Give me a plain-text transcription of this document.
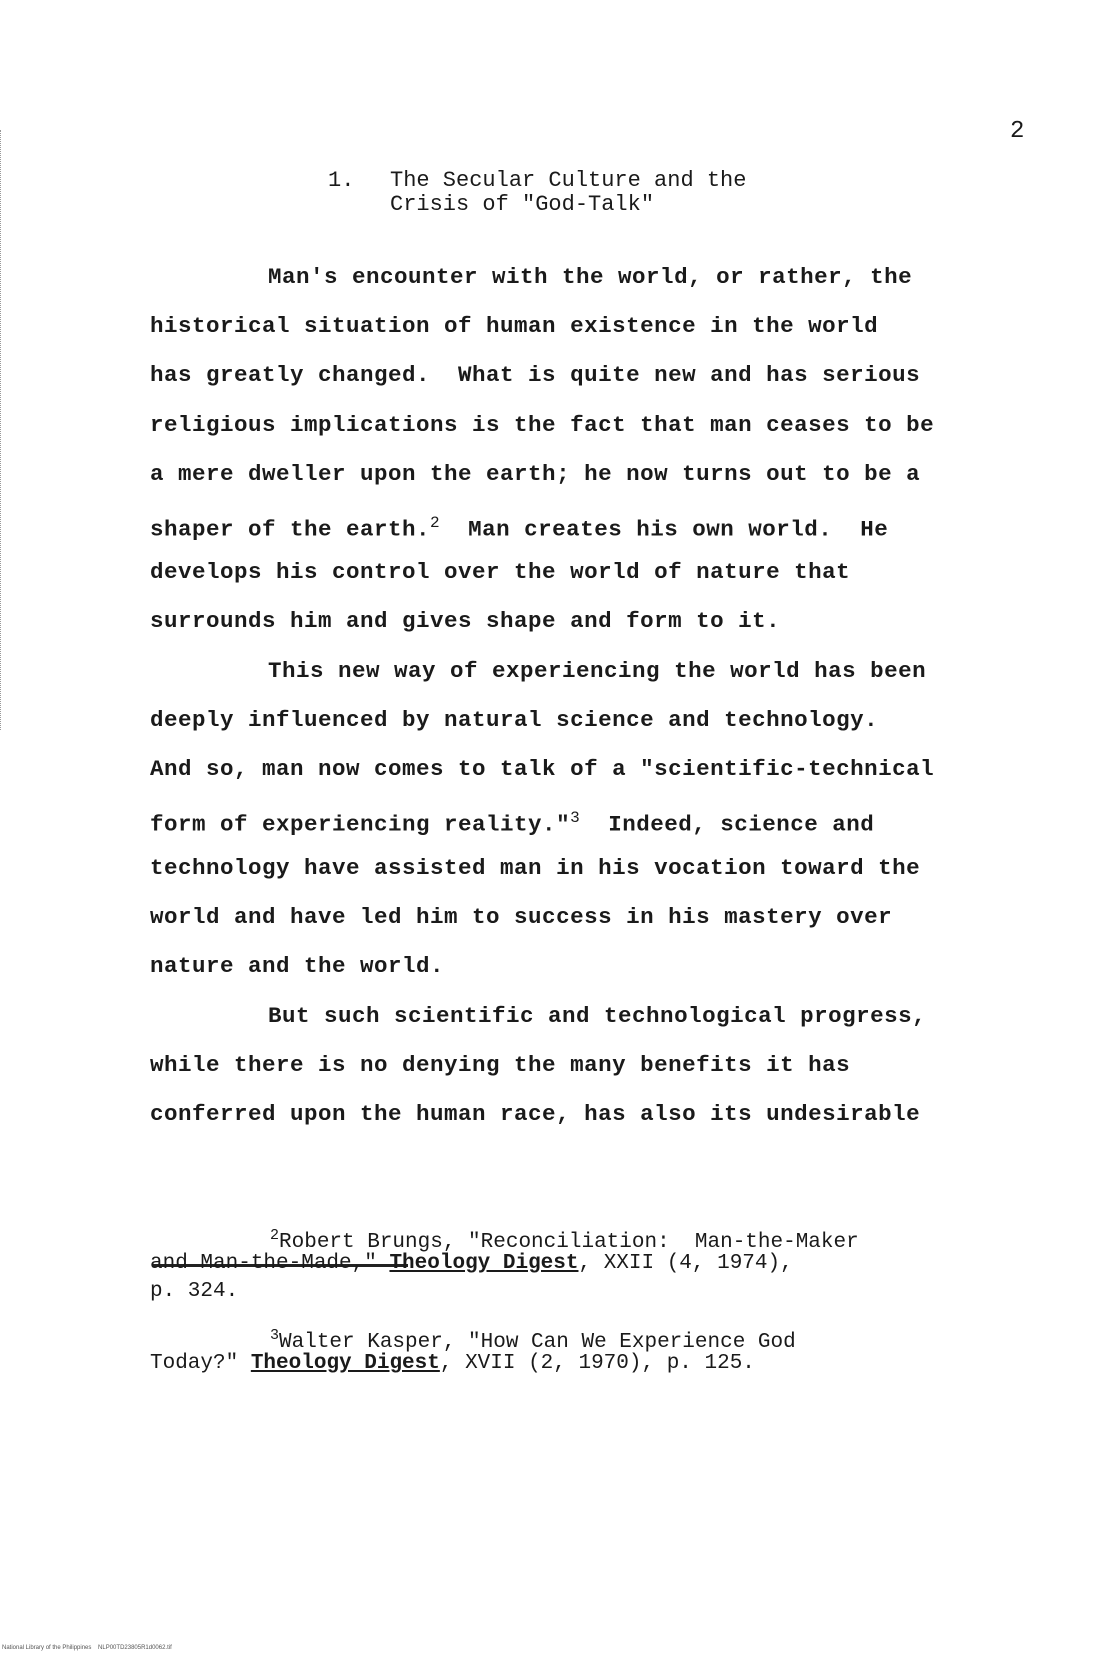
2

1.

The Secular Culture and the

Crisis of "God-Talk"

Man's encounter with the world, or rather, the
historical situation of human existence in the world
has greatly changed.  What is quite new and has serious
religious implications is the fact that man ceases to be
a mere dweller upon the earth; he now turns out to be a
shaper of the earth.$^2$ Man creates his own world.  He
develops his control over the world of nature that
surrounds him and gives shape and form to it.
This new way of experiencing the world has been
deeply influenced by natural science and technology.
And so, man now comes to talk of a "scientific-technical
form of experiencing reality."$^3$ Indeed, science and
technology have assisted man in his vocation toward the
world and have led him to success in his mastery over
nature and the world.
But such scientific and technological progress,
while there is no denying the many benefits it has
conferred upon the human race, has also its undesirable
$^2$Robert Brungs, "Reconciliation:  Man-the-Maker
and Man-the-Made," Theology Digest, XXII (4, 1974),
p. 324.
$^3$Walter Kasper, "How Can We Experience God
Today?" Theology Digest, XVII (2, 1970), p. 125.
National Library of the Philippines    NLP00TD23805R1d0062.tif
